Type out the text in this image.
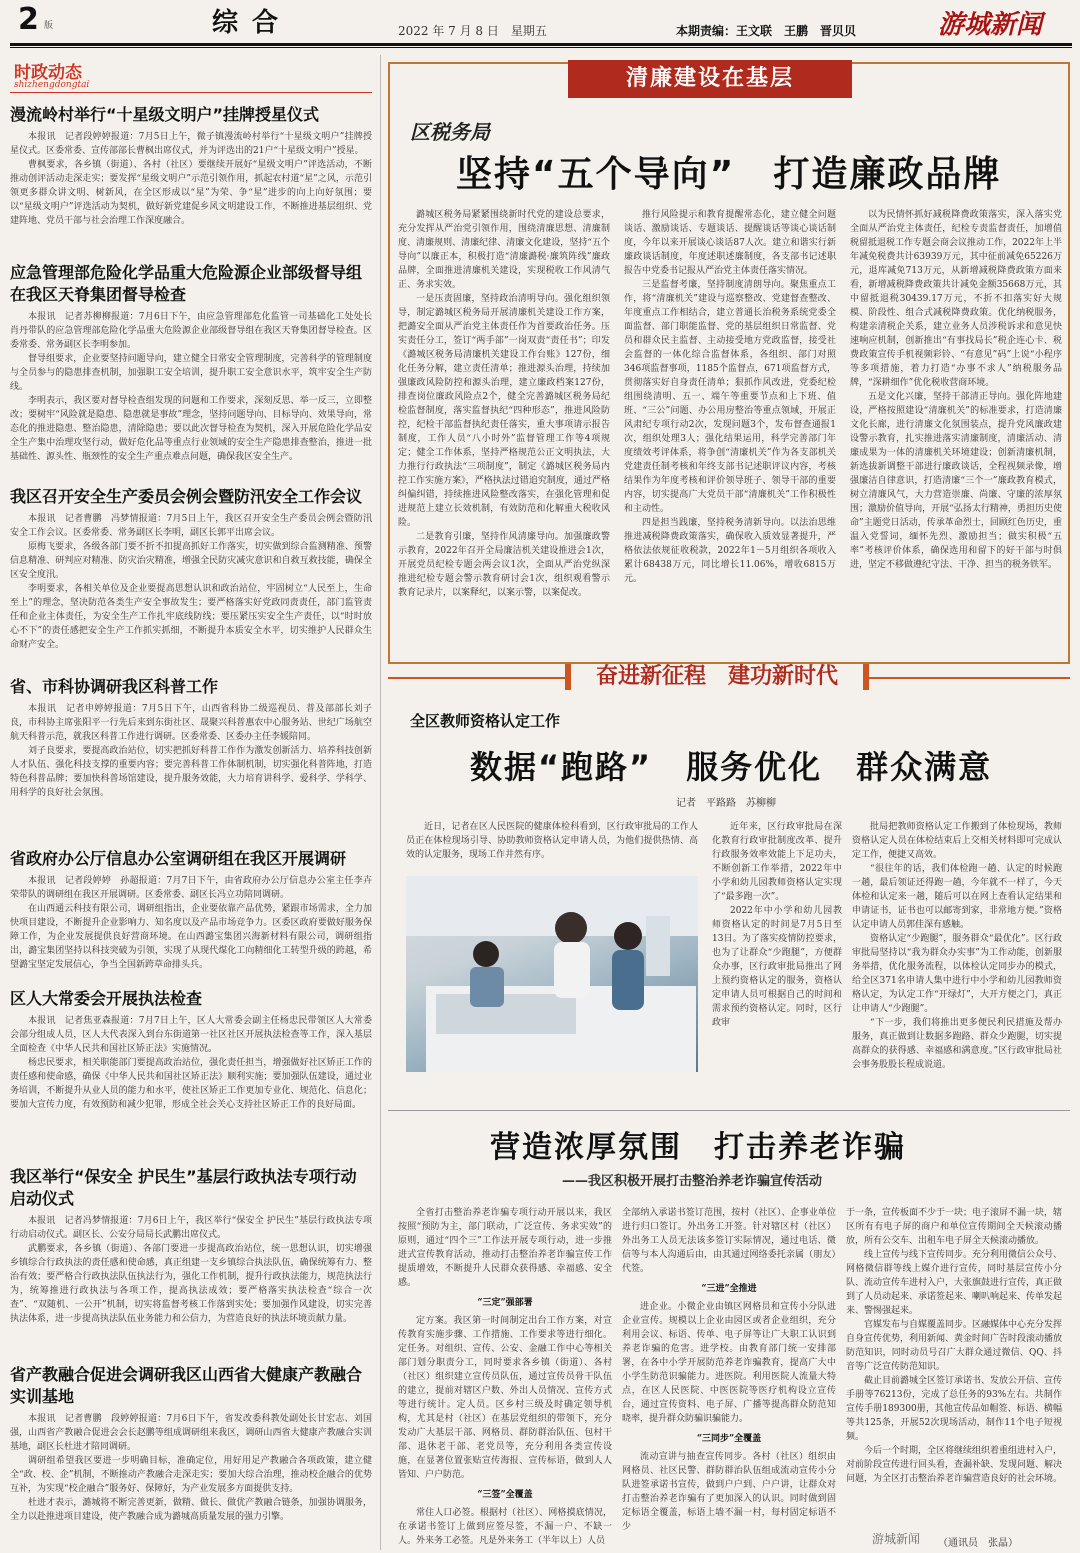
2 版	综合	2022 年 7 月 8 日　星期五	本期责编：王文联　王鹏　晋贝贝	游城新闻
时政动态
shizhengdongtai
漫流岭村举行“十星级文明户”挂牌授星仪式

本报讯　记者段婷婷报道：7月5日上午，微子镇漫流岭村举行“十星级文明户”挂牌授星仪式。区委常委、宣传部部长曹枫出席仪式，并为评选出的21户“十星级文明户”授星。

曹枫要求，各乡镇（街道）、各村（社区）要继续开展好“星级文明户”评选活动，不断推动创评活动走深走实；要发挥“星级文明户”示范引领作用，抓起农村道“星”之风，示范引领更多群众讲文明、树新风，在全区形成以“星”为荣、争“星”进步的向上向好氛围；要以“星级文明户”评选活动为契机，做好新党建促乡风文明建设工作，不断推进基层组织、党建阵地、党员干部与社会治理工作深度融合。

应急管理部危险化学品重大危险源企业部级督导组在我区天脊集团督导检查

本报讯　记者苏柳柳报道：7月6日下午，由应急管理部危化监管一司基础化工处处长肖丹带队的应急管理部危险化学品重大危险源企业部级督导组在我区天脊集团督导检查。区委常委、常务副区长李明参加。

督导组要求，企业要坚持问题导向，建立健全日常安全管理制度，完善科学的管理制度与全员参与的隐患排查机制，加强职工安全培训，提升职工安全意识水平，筑牢安全生产防线。

李明表示，我区要对督导检查组发现的问题和工作要求，深刻反思、举一反三，立即整改；要树牢“风险就是隐患、隐患就是事故”理念，坚持问题导向、目标导向、效果导向，常态化的推进隐患、整治隐患，清除隐患；要以此次督导检查为契机，深入开展危险化学品安全生产集中治理攻坚行动，做好危化品等重点行业领域的安全生产隐患排查整治，推进一批基础性、源头性、瓶颈性的安全生产重点难点问题，确保我区安全生产。

我区召开安全生产委员会例会暨防汛安全工作会议

本报讯　记者曹鹏　冯梦情报道：7月5日上午，我区召开安全生产委员会例会暨防汛安全工作会议。区委常委、常务副区长李明，副区长郭平出席会议。

原梅飞要求，各级各部门要不折不扣提高抓好工作落实，切实做到综合监测精准、预警信息精准、研判应对精准、防灾治灾精准，增强全民防灾减灾意识和自救互救技能，确保全区安全度汛。

李明要求，各相关单位及企业要提高思想认识和政治站位，牢固树立“人民至上，生命至上”的理念，坚决防范各类生产安全事故发生；要严格落实好党政同责责任，部门监管责任和企业主体责任，为安全生产工作扎牢底线防线；要压紧压实安全生产责任，以“时时放心不下”的责任感把安全生产工作抓实抓细，不断提升本质安全水平，切实维护人民群众生命财产安全。

省、市科协调研我区科普工作

本报讯　记者申婷婷报道：7月5日下午，山西省科协二级巡视员、普及部部长刘子良，市科协主席张阳平一行先后来到东街社区、晟聚兴科普惠农中心服务站、世纪广场航空航天科普示范，就我区科普工作进行调研。区委常委、区委办主任李媛陪同。

刘子良要求，要提高政治站位，切实把抓好科普工作作为激发创新活力、培养科技创新人才队伍、强化科技支撑的重要内容；要完善科普工作体制机制，切实强化科普阵地，打造特色科普品牌；要加快科普场馆建设，提升服务效能，大力培育讲科学、爱科学、学科学、用科学的良好社会氛围。

省政府办公厅信息办公室调研组在我区开展调研

本报讯　记者段婷婷　孙超报道：7月7日下午，由省政府办公厅信息办公室主任李卉荣带队的调研组在我区开展调研。区委常委、副区长冯立功陪同调研。

在山西通云科技有限公司，调研组指出，企业要依靠产品优势，紧跟市场需求，全力加快项目建设，不断提升企业影响力、知名度以及产品市场竞争力。区委区政府要做好服务保障工作，为企业发展提供良好营商环境。在山西潞宝集团兴海新材料有限公司，调研组指出，潞宝集团坚持以科技突破为引领，实现了从现代煤化工向精细化工转型升级的跨越，希望潞宝坚定发展信心，争当全国新跨草命排头兵。

区人大常委会开展执法检查

本报讯　记者焦亚森报道：7月7日上午，区人大常委会副主任杨忠民带领区人大常委会部分组成人员，区人大代表深入到台东街道第一社区社区开展执法检查等工作，深入基层全面检查《中华人民共和国社区矫正法》实施情况。

杨忠民要求，相关职能部门要提高政治站位，强化责任担当，增强做好社区矫正工作的责任感和使命感，确保《中华人民共和国社区矫正法》顺利实施；要加强队伍建设，通过业务培训，不断提升从业人员的能力和水平，使社区矫正工作更加专业化、规范化、信息化；要加大宣传力度，有效预防和减少犯罪，形成全社会关心支持社区矫正工作的良好局面。

我区举行“保安全 护民生”基层行政执法专项行动启动仪式

本报讯　记者冯梦情报道：7月6日上午，我区举行“保安全 护民生”基层行政执法专项行动启动仪式。副区长、公安分局局长武鹏出席仪式。

武鹏要求，各乡镇（街道）、各部门要进一步提高政治站位，统一思想认识，切实增强乡镇综合行政执法的责任感和使命感，真正组建一支乡镇综合执法队伍，确保统筹有力、整治有效；要严格合行政执法队伍执法行为，强化工作机制，提升行政执法能力，规范执法行为，统筹推进行政执法与各项工作，提高执法成效；要严格落实执法检查“综合一次查”、“双随机、一公开”机制，切实将监督考核工作落到实处；要加强作风建设，切实完善执法体系，进一步提高执法队伍业务能力和公信力，为营造良好的执法环境贡献力量。

省产教融合促进会调研我区山西省大健康产教融合实训基地

本报讯　记者曹鹏　段婷婷报道：7月6日下午，省发改委科教处副处长甘宏志、刘国强，山西省产教融合促进会会长赵鹏等组成调研组来我区，调研山西省大健康产教融合实训基地，副区长杜进才陪同调研。

调研组希望我区要进一步明确目标，准确定位，用好用足产教融合各项政策，建立健全“政、校、企”机制，不断推动产教融合走深走实；要加大综合治理，推动校企融合的优势互补，为实现“校企融合”服务好、保障好，为产业发展多方面提供支持。

杜进才表示，潞城将不断完善更新，做精、做长、做优产教融合链条，加强协调服务，全力以赴推进项目建设，使产教融合成为潞城高质量发展的强力引擎。

清廉建设在基层
区税务局
坚持“五个导向”　打造廉政品牌

潞城区税务局紧紧围绕新时代党的建设总要求，充分发挥从严治党引领作用，围绕清廉思想、清廉制度、清廉规则、清廉纪律、清廉文化建设，坚持“五个导向”以廉正本，积极打造“清廉潞税·廉筑阵线”廉政品牌，全面推进清廉机关建设，实现税收工作风清气正、务求实效。

一是压责固廉，坚持政治清明导向。强化组织领导，制定潞城区税务局开展清廉机关建设工作方案，把潞安全面从严治党主体责任作为首要政治任务。压实责任分工，签订“两手部”一岗双责“责任书”；印发《潞城区税务局清廉机关建设工作台账》127份，细化任务分解，建立责任清单；推进源头治理，持续加强廉政风险防控和源头治理，建立廉政档案127份，排查岗位廉政风险点2个，健全完善潞城区税务局纪检监督制度，落实监督执纪“四种形态”，推进风险防控，纪检干部监督执纪责任落实，重大事项请示报告制度，工作人员“八小时外”监督管理工作等4项规定；健全工作体系，坚持严格规范公正文明执法，大力推行行政执法“三项制度”，制定《潞城区税务局内控工作实施方案》，严格执法过错追究制度，通过严格纠偏纠错，持续推进风险整改落实，在强化管理和促进规范上建立长效机制，有效防范和化解重大税收风险。

二是教育引廉，坚持作风清廉导向。加强廉政警示教育，2022年召开全局廉洁机关建设推进会1次，开展党员纪检专题会两会议1次，全面从严治党纵深推进纪检专题会警示教育研讨会1次，组织观看警示教育记录片，以案释纪，以案示警，以案促改。

推行风险提示和教育提醒常态化，建立健全问题谈话、激励谈话、专题谈话、提醒谈话等谈心谈话制度，今年以来开展谈心谈话87人次。建立和谐实行新廉政谈话制度，年度述职述廉制度，各支部书记述职报告中党委书记报从严治党主体责任落实情况。

三是监督考廉，坚持制度清朗导向。聚焦重点工作，将“清廉机关”建设与巡察整改、党建督查整改、年度重点工作相结合，建立普通长治税务系统党委全面监督、部门职能监督、党的基层组织日常监督、党员和群众民主监督、主动接受地方党政监督，接受社会监督的一体化综合监督体系，各组织、部门对照346项监督事项，1185个监督点，671项监督方式，贯彻落实好自身责任清单；狠抓作风改进，党委纪检组围绕清明、五一、端午等重要节点和上下班、值班、“三公”问题、办公用房整治等重点领域，开展正风肃纪专项行动2次，发现问题3个，发布督查通报1次，组织处理3人；强化结果运用，科学完善部门年度绩效考评体系，将争创“清廉机关”作为各支部机关党建责任制考核和年终支部书记述职评议内容，考核结果作为年度考核和评价领导班子、领导干部的重要内容，切实提高广大党员干部“清廉机关”工作积极性和主动性。

四是担当践廉，坚持税务清新导向。以法治思维推进减税降费政策落实，确保收入质效显著提升，严格依法依规征收税款，2022年1－5月组织各项收入累计68438万元，同比增长11.06%，增收6815万元。

以为民情怀抓好减税降费政策落实，深入落实党全面从严治党主体责任，纪检专责监督责任，加增值税留抵退税工作专题会商会议推动工作，2022年上半年减免税费共计63939万元，其中征前减免65226万元，退库减免713万元，从新增减税降费政策方面来看，新增减税降费政策共计减免金额35668万元，其中留抵退税30439.17万元，不折不扣落实好大规模、阶段性、组合式减税降费政策。优化纳税服务，构建亲清税企关系，建立业务人员涉税诉求和意见快速响应机制，创新推出“有事找局长”税企连心卡、税费政策宣传手机视频彩铃、“有意见”码”上说“小程序等多项措施，着力打造“办事不求人”纳税服务品牌，“深耕细作”优化税收营商环境。

五是文化兴廉，坚持干部清正导向。强化阵地建设，严格按照建设“清廉机关”的标准要求，打造清廉文化长廊，进行清廉文化氛围装点，提升党风廉政建设警示教育，扎实推进落实清廉制度，清廉活动、清廉成果为一体的清廉机关环境建设；创新清廉机制，新选拔新调整干部进行廉政谈话，全程视频录像，增强廉洁自律意识，打造清廉“三个一”廉政教育模式，树立清廉风气，大力营造崇廉、尚廉、守廉的浓厚氛围；激励价值导向，开展“弘扬太行精神，勇担历史使命”主题党日活动，传承革命烈士，回顾红色历史，重温入党誓词，缅怀先烈、激励担当；做实积极“五率”考核评价体系，确保选用和留下的好干部与时俱进，坚定不移做遵纪守法、干净、担当的税务铁军。

奋进新征程　建功新时代
全区教师资格认定工作
数据“跑路”　服务优化　群众满意
记者　平路路　苏柳柳

近日，记者在区人民医院的健康体检科看到，区行政审批局的工作人员正在体检现场引导、协助教师资格认定申请人员，为他们提供热情、高效的认定服务，现场工作井然有序。

近年来，区行政审批局在深化教育行政审批制度改革、提升行政服务效率效能上下足功夫，不断创新工作举措，2022年中小学和幼儿园教师资格认定实现了“最多跑一次”。

2022年中小学和幼儿园教师资格认定的时间是7月5日至13日。为了落实疫情防控要求，也为了让群众“少跑腿”，方便群众办事，区行政审批局推出了网上预约资格认定的服务，资格认定申请人员可根据自己的时间和需求预约资格认定。同时，区行政审

批局把教师资格认定工作搬到了体检现场，教师资格认定人员在体检结束后上交相关材料即可完成认定工作，便捷又高效。

“很往年的话，我们体检跑一趟、认定的时候跑一趟，最后领证还得跑一趟，今年就不一样了，今天体检和认定来一趟，随后可以在网上查看认定结果和申请证书，证书也可以邮寄到家，非常地方便。”资格认定申请人员郭佳深有感触。

资格认定“少跑腿”，服务群众“最优化”。区行政审批局坚持以“我为群众办实事”为工作动能，创新服务举措，优化服务流程，以体检认定同步办的模式，给全区371名申请人集中进行中小学和幼儿园教师资格认定，为认定工作“开绿灯”，大开方便之门，真正让申请人“少跑腿”。

“下一步，我们将推出更多便民利民措施及帮办服务，真正做到让数据多跑路、群众少跑腿，切实提高群众的获得感、幸福感和满意度。”区行政审批局社会事务股股长程成说道。

营造浓厚氛围　打击养老诈骗
——我区积极开展打击整治养老诈骗宣传活动

全省打击整治养老诈骗专项行动开展以来，我区按照“预防为主，部门联动，广泛宣传、务求实效”的原则，通过“四个三”工作法开展专项行动，进一步推进式宣传教育活动，推动打击整治养老诈骗宣传工作提质增效，不断提升人民群众获得感、幸福感、安全感。

“三定”强部署

定方案。我区第一时间制定出台工作方案，对宣传教育实施步骤、工作措施、工作要求等进行细化。定任务。对组织、宣传、公安、金融工作中心等相关部门划分职责分工，同时要求各乡镇（街道）、各村（社区）组织建立宣传员队伍，通过宣传员骨干队伍的建立，提前对辖区户数、外出人员情况、宣传方式等进行统计。定人员。区乡村三级及时确定领导机构，尤其是村（社区）在基层党组织的带领下，充分发动广大基层干部、网格员、群防群治队伍、包村干部、退休老干部、老党员等，充分利用各类宣传设施，在显著位置张贴宣传海报、宣传标语，做到人人皆知、户户防范。

“三签”全覆盖

常住人口必签。根据村（社区）、网格摸底情况，在承诺书签订上做到应签尽签，不漏一户、不缺一人。外来务工必签。凡是外来务工（半年以上）人员

全部纳入承诺书签订范围，按村（社区）、企事业单位进行归口签订。外出务工开签。针对辖区村（社区）外出务工人员无法该多签订实际情况，通过电话、微信等与本人沟通后由，由其通过网络委托亲属（朋友）代签。

“三进”全推进

进企业。小微企业由镇区网格员和宣传小分队进企业宣传。规模以上企业由园区或者企业组织，充分利用会议、标语、传单、电子屏等让广大职工认识到养老诈骗的危害。进学校。由教育部门统一安排部署，在各中小学开展防范养老诈骗教育，提高广大中小学生防范识骗能力。进医院。利用医院人流量大特点，在区人民医院、中医医院等医疗机构设立宣传台，通过宣传资料、电子屏、广播等提高群众防范知晓率，提升群众防骗识骗能力。

“三同步”全覆盖

流动宣讲与抽查宣传同步。各村（社区）组织由网格员、社区民警、群防群治队伍组成流动宣传小分队进签承诺书宣传，做到户户到、户户讲，让群众对打击整治养老诈骗有了更加深入的认识。同时做到固定标语全覆盖，标语上墙不漏一村，每村固定标语不少

于一条，宣传板面不少于一块；电子滚屏不漏一块，辖区所有有电子屏的商户和单位宣传期间全天候滚动播放，所有公交车、出租车电子屏全天候滚动播放。

线上宣传与线下宣传同步。充分利用微信公众号、网格微信群等线上媒介进行宣传，同时基层宣传小分队、流动宣传车进村入户，大张旗鼓进行宣传，真正做到了人员动起来、承诺签起来、喇叭响起来、传单发起来、警惕强起来。

官媒发布与自媒覆盖同步。区融媒体中心充分发挥自身宣传优势，利用新闻、黄金时间广告时段滚动播放防范知识，同时动员号召广大群众通过微信、QQ、抖音等广泛宣传防范知识。

截止目前潞城全区签订承诺书、发放公开信、宣传手册等76213份，完成了总任务的93%左右。共制作宣传手册189300册，其他宣传品如帽签、标语、横幅等共125条，开展52次现场活动，制作11个电子短视频。

今后一个时期，全区将继续组织着重组进村入户，对前阶段宣传进行回头看，查漏补缺、发现问题、解决问题，为全区打击整治养老诈骗营造良好的社会环境。

（通讯员　张晶）
游城新闻
